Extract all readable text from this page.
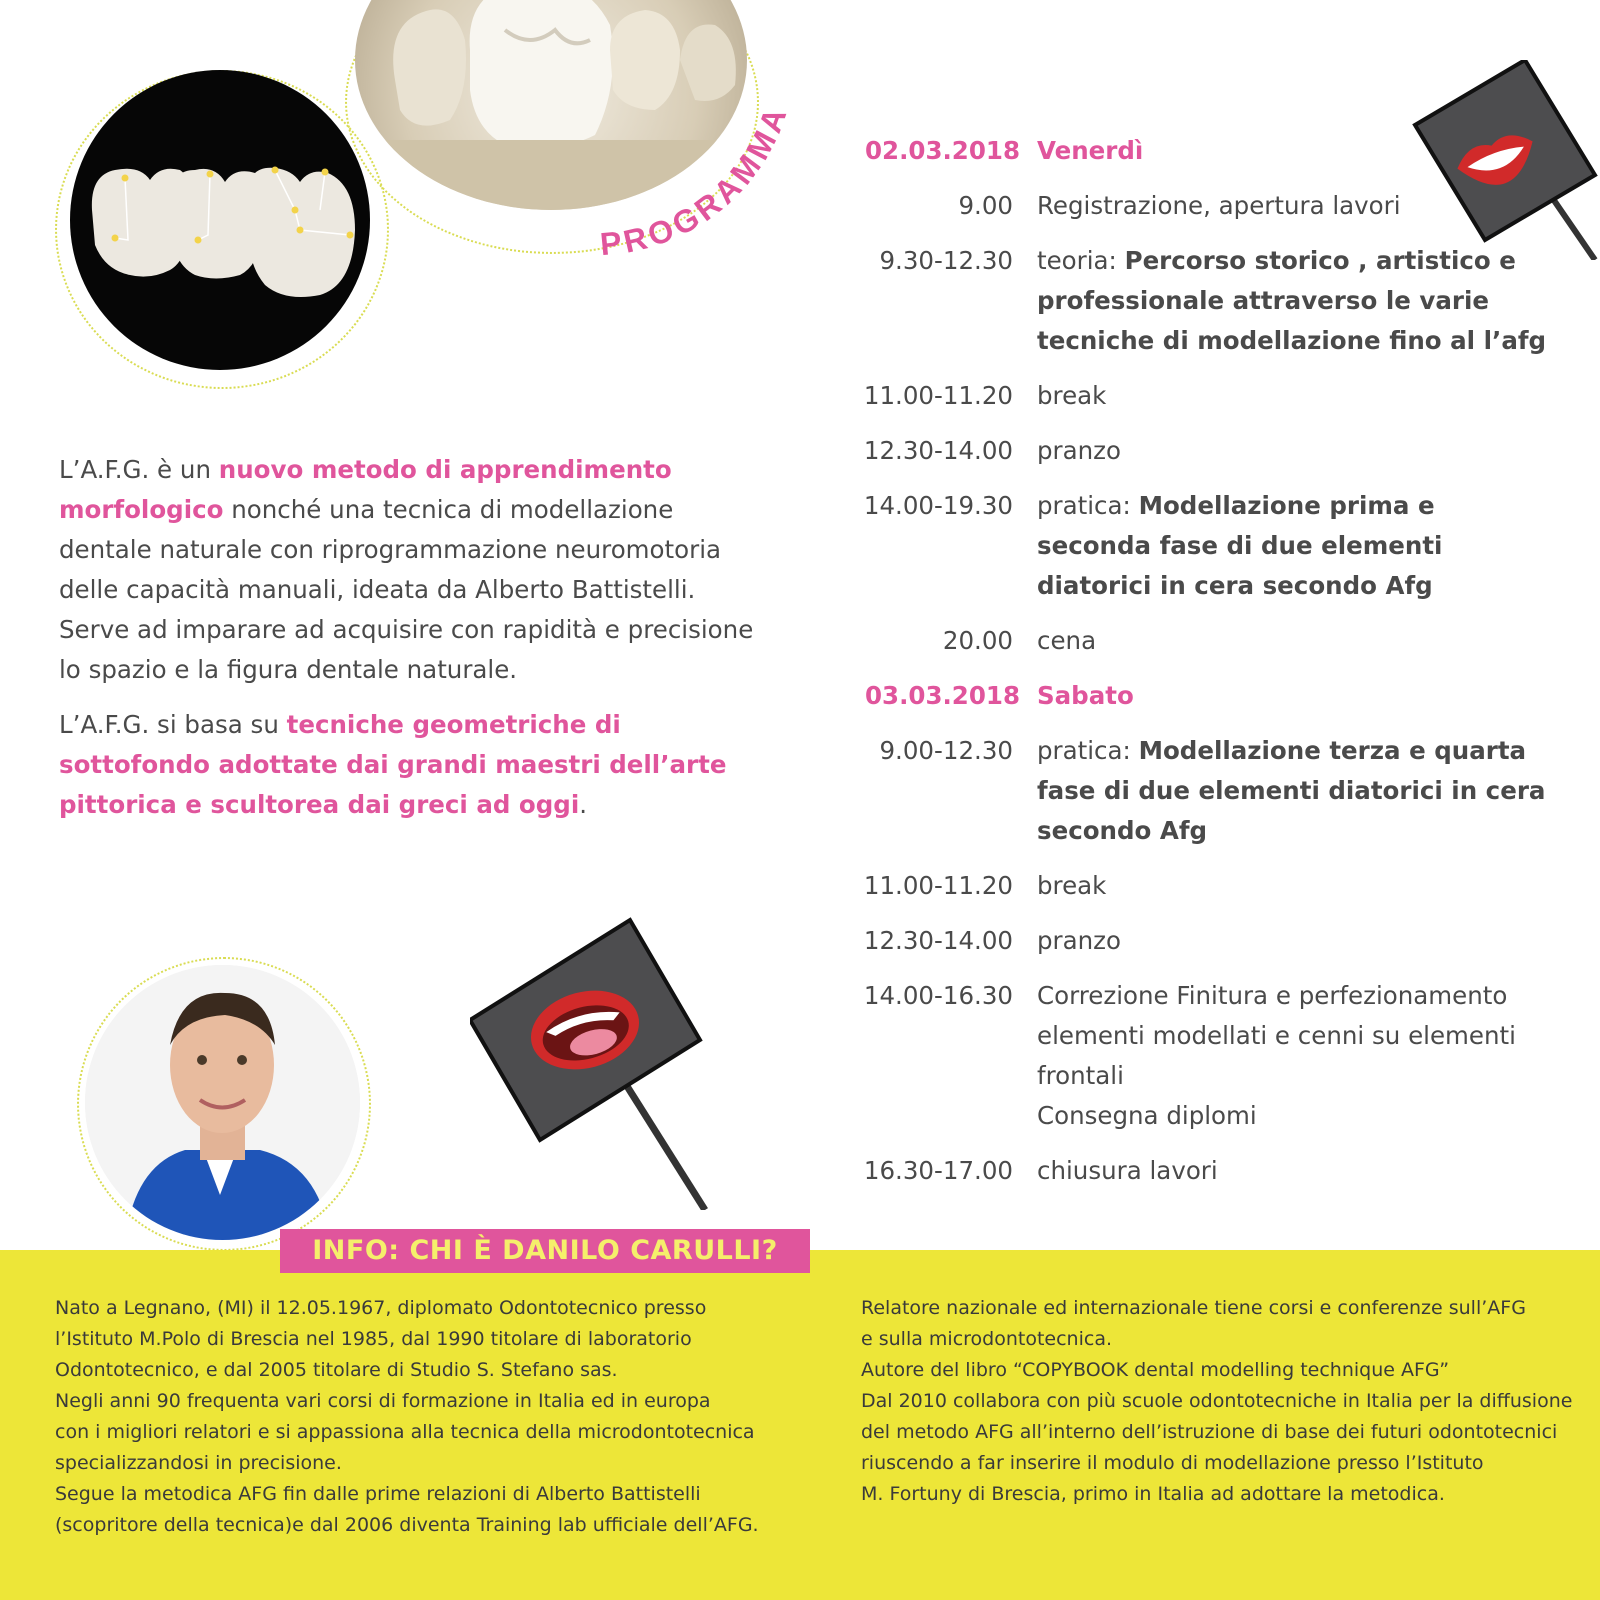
PROGRAMMA

L’A.F.G. è un nuovo metodo di apprendimento morfologico nonché una tecnica di modellazione dentale naturale con riprogrammazione neuromotoria delle capacità manuali, ideata da Alberto Battistelli. Serve ad imparare ad acquisire con rapidità e precisione lo spazio e la figura dentale naturale.

L’A.F.G. si basa su tecniche geometriche di sottofondo adottate dai grandi maestri dell’arte pittorica e scultorea dai greci ad oggi.

02.03.2018 Venerdì
9.00 Registrazione, apertura lavori
9.30-12.30 teoria: Percorso storico , artistico e professionale attraverso le varie tecniche di modellazione fino al l’afg
11.00-11.20 break
12.30-14.00 pranzo
14.00-19.30 pratica: Modellazione prima e seconda fase di due elementi diatorici in cera secondo Afg
20.00 cena
03.03.2018 Sabato
9.00-12.30 pratica: Modellazione terza e quarta fase di due elementi diatorici in cera secondo Afg
11.00-11.20 break
12.30-14.00 pranzo
14.00-16.30 Correzione Finitura e perfezionamento elementi modellati e cenni su elementi frontali
Consegna diplomi
16.30-17.00 chiusura lavori
INFO: CHI È DANILO CARULLI?
Nato a Legnano, (MI) il 12.05.1967, diplomato Odontotecnico presso
l’Istituto M.Polo di Brescia nel 1985, dal 1990 titolare di laboratorio
Odontotecnico, e dal 2005 titolare di Studio S. Stefano sas.
Negli anni 90 frequenta vari corsi di formazione in Italia ed in europa
con i migliori relatori e si appassiona alla tecnica della microdontotecnica
specializzandosi in precisione.
Segue la metodica AFG fin dalle prime relazioni di Alberto Battistelli
(scopritore della tecnica)e dal 2006 diventa Training lab ufficiale dell’AFG.
Relatore nazionale ed internazionale tiene corsi e conferenze sull’AFG
e sulla microdontotecnica.
Autore del libro “COPYBOOK dental modelling technique AFG”
Dal 2010 collabora con più scuole odontotecniche in Italia per la diffusione
del metodo AFG all’interno dell’istruzione di base dei futuri odontotecnici
riuscendo a far inserire il modulo di modellazione presso l’Istituto
M. Fortuny di Brescia, primo in Italia ad adottare la metodica.
